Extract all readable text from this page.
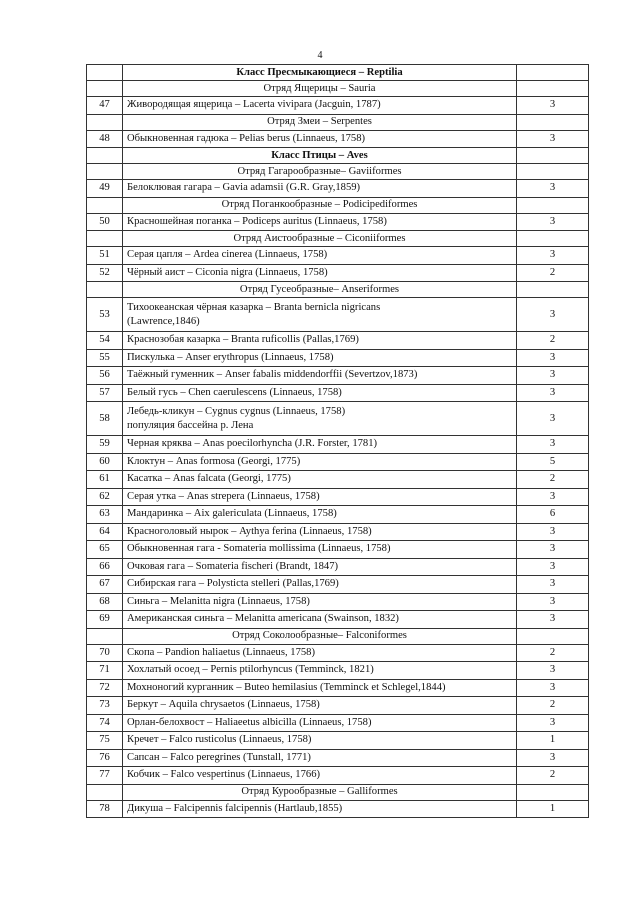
4
	Класс Пресмыкающиеся – Reptilia	
	Отряд Ящерицы – Sauria	
47	Живородящая ящерица – Lacerta vivipara (Jaсguin, 1787)	3
	Отряд Змеи – Serpentes	
48	Обыкновенная гадюка – Pelias berus (Linnaeus, 1758)	3
	Класс Птицы – Aves	
	Отряд Гагарообразные– Gaviiformes	
49	Белоклювая гагара – Gavia adamsii (G.R. Gray,1859)	3
	Отряд Поганкообразные – Podicipediformes	
50	Красношейная поганка – Podiceps auritus (Linnaeus, 1758)	3
	Отряд Аистообразные – Ciconiiformes	
51	Серая цапля – Ardea cinerea (Linnaeus, 1758)	3
52	Чёрный аист – Ciconia nigra (Linnaeus, 1758)	2
	Отряд Гусеобразные– Anseriformes	
53	Тихоокеанская чёрная казарка – Branta bernicla nigricans
(Lawrence,1846)	3
54	Краснозобая казарка – Branta ruficollis (Pallas,1769)	2
55	Пискулька – Anser erythropus (Linnaeus, 1758)	3
56	Таёжный гуменник – Anser fabalis middendorffii (Severtzov,1873)	3
57	Белый гусь – Chen caerulescens (Linnaeus, 1758)	3
58	Лебедь-кликун – Cygnus cygnus (Linnaeus, 1758)
популяция бассейна р. Лена	3
59	Черная кряква – Anas poecilorhyncha (J.R. Forster, 1781)	3
60	Клоктун – Anas formosa (Georgi, 1775)	5
61	Касатка – Anas falcata (Georgi, 1775)	2
62	Серая утка – Anas strepera (Linnaeus, 1758)	3
63	Мандаринка – Aix galericulata (Linnaeus, 1758)	6
64	Красноголовый нырок – Aythya ferina (Linnaeus, 1758)	3
65	Обыкновенная гага - Somateria mollissima (Linnaeus, 1758)	3
66	Очковая гага – Somateria fischeri (Brandt, 1847)	3
67	Сибирская гага – Polysticta stelleri (Pallas,1769)	3
68	Синьга – Melanitta nigra (Linnaeus, 1758)	3
69	Американская синьга – Melanitta americana (Swainson, 1832)	3
	Отряд Соколообразные– Falconiformes	
70	Скопа – Pandion haliaetus (Linnaeus, 1758)	2
71	Хохлатый осоед – Pernis ptilorhyncus (Temminck, 1821)	3
72	Мохноногий курганник – Buteo hemilasius (Temminck et Schlegel,1844)	3
73	Беркут – Aquila chrysaetos (Linnaeus, 1758)	2
74	Орлан-белохвост – Haliaeetus albicilla (Linnaeus, 1758)	3
75	Кречет – Falco rusticolus (Linnaeus, 1758)	1
76	Сапсан – Falco peregrines (Tunstall, 1771)	3
77	Кобчик – Falco vespertinus (Linnaeus, 1766)	2
	Отряд Курообразные – Galliformes	
78	Дикуша – Falcipennis falcipennis (Hartlaub,1855)	1
